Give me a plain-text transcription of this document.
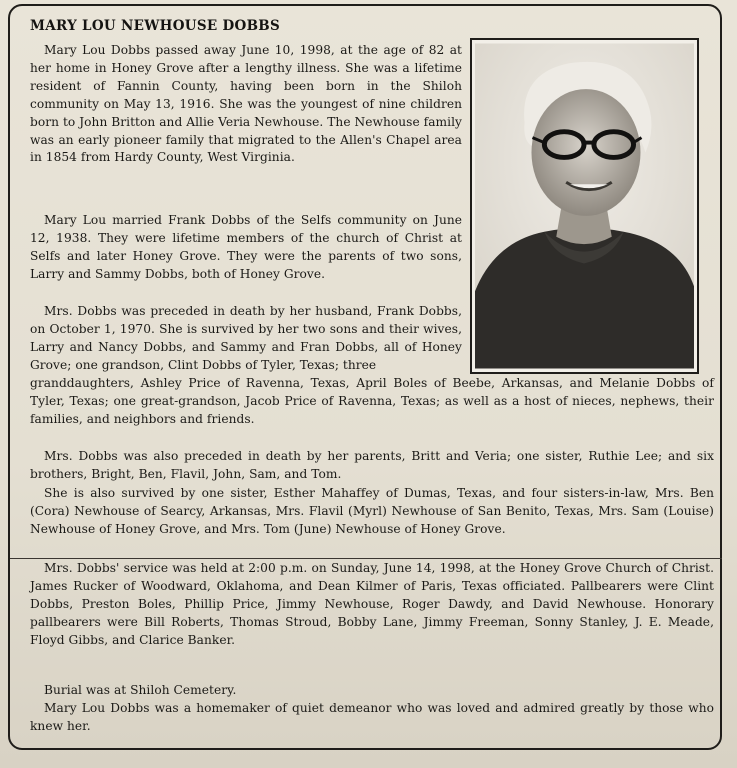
MARY LOU NEWHOUSE DOBBS

Mary Lou Dobbs passed away June 10, 1998, at the age of 82 at her home in Honey Grove after a lengthy illness. She was a lifetime resident of Fannin County, having been born in the Shiloh community on May 13, 1916. She was the youngest of nine children born to John Britton and Allie Veria Newhouse. The Newhouse family was an early pioneer family that migrated to the Allen's Chapel area in 1854 from Hardy County, West Virginia.

Mary Lou married Frank Dobbs of the Selfs community on June 12, 1938. They were lifetime members of the church of Christ at Selfs and later Honey Grove. They were the parents of two sons, Larry and Sammy Dobbs, both of Honey Grove.

Mrs. Dobbs was preceded in death by her husband, Frank Dobbs, on October 1, 1970. She is survived by her two sons and their wives, Larry and Nancy Dobbs, and Sammy and Fran Dobbs, all of Honey Grove; one grandson, Clint Dobbs of Tyler, Texas; three

granddaughters, Ashley Price of Ravenna, Texas, April Boles of Beebe, Arkansas, and Melanie Dobbs of Tyler, Texas; one great-grandson, Jacob Price of Ravenna, Texas; as well as a host of nieces, nephews, their families, and neighbors and friends.

Mrs. Dobbs was also preceded in death by her parents, Britt and Veria; one sister, Ruthie Lee; and six brothers, Bright, Ben, Flavil, John, Sam, and Tom.

She is also survived by one sister, Esther Mahaffey of Dumas, Texas, and four sisters-in-law, Mrs. Ben (Cora) Newhouse of Searcy, Arkansas, Mrs. Flavil (Myrl) Newhouse of San Benito, Texas, Mrs. Sam (Louise) Newhouse of Honey Grove, and Mrs. Tom (June) Newhouse of Honey Grove.

Mrs. Dobbs' service was held at 2:00 p.m. on Sunday, June 14, 1998, at the Honey Grove Church of Christ. James Rucker of Woodward, Oklahoma, and Dean Kilmer of Paris, Texas officiated. Pallbearers were Clint Dobbs, Preston Boles, Phillip Price, Jimmy Newhouse, Roger Dawdy, and David Newhouse. Honorary pallbearers were Bill Roberts, Thomas Stroud, Bobby Lane, Jimmy Freeman, Sonny Stanley, J. E. Meade, Floyd Gibbs, and Clarice Banker.

Burial was at Shiloh Cemetery.

Mary Lou Dobbs was a homemaker of quiet demeanor who was loved and admired greatly by those who knew her.
